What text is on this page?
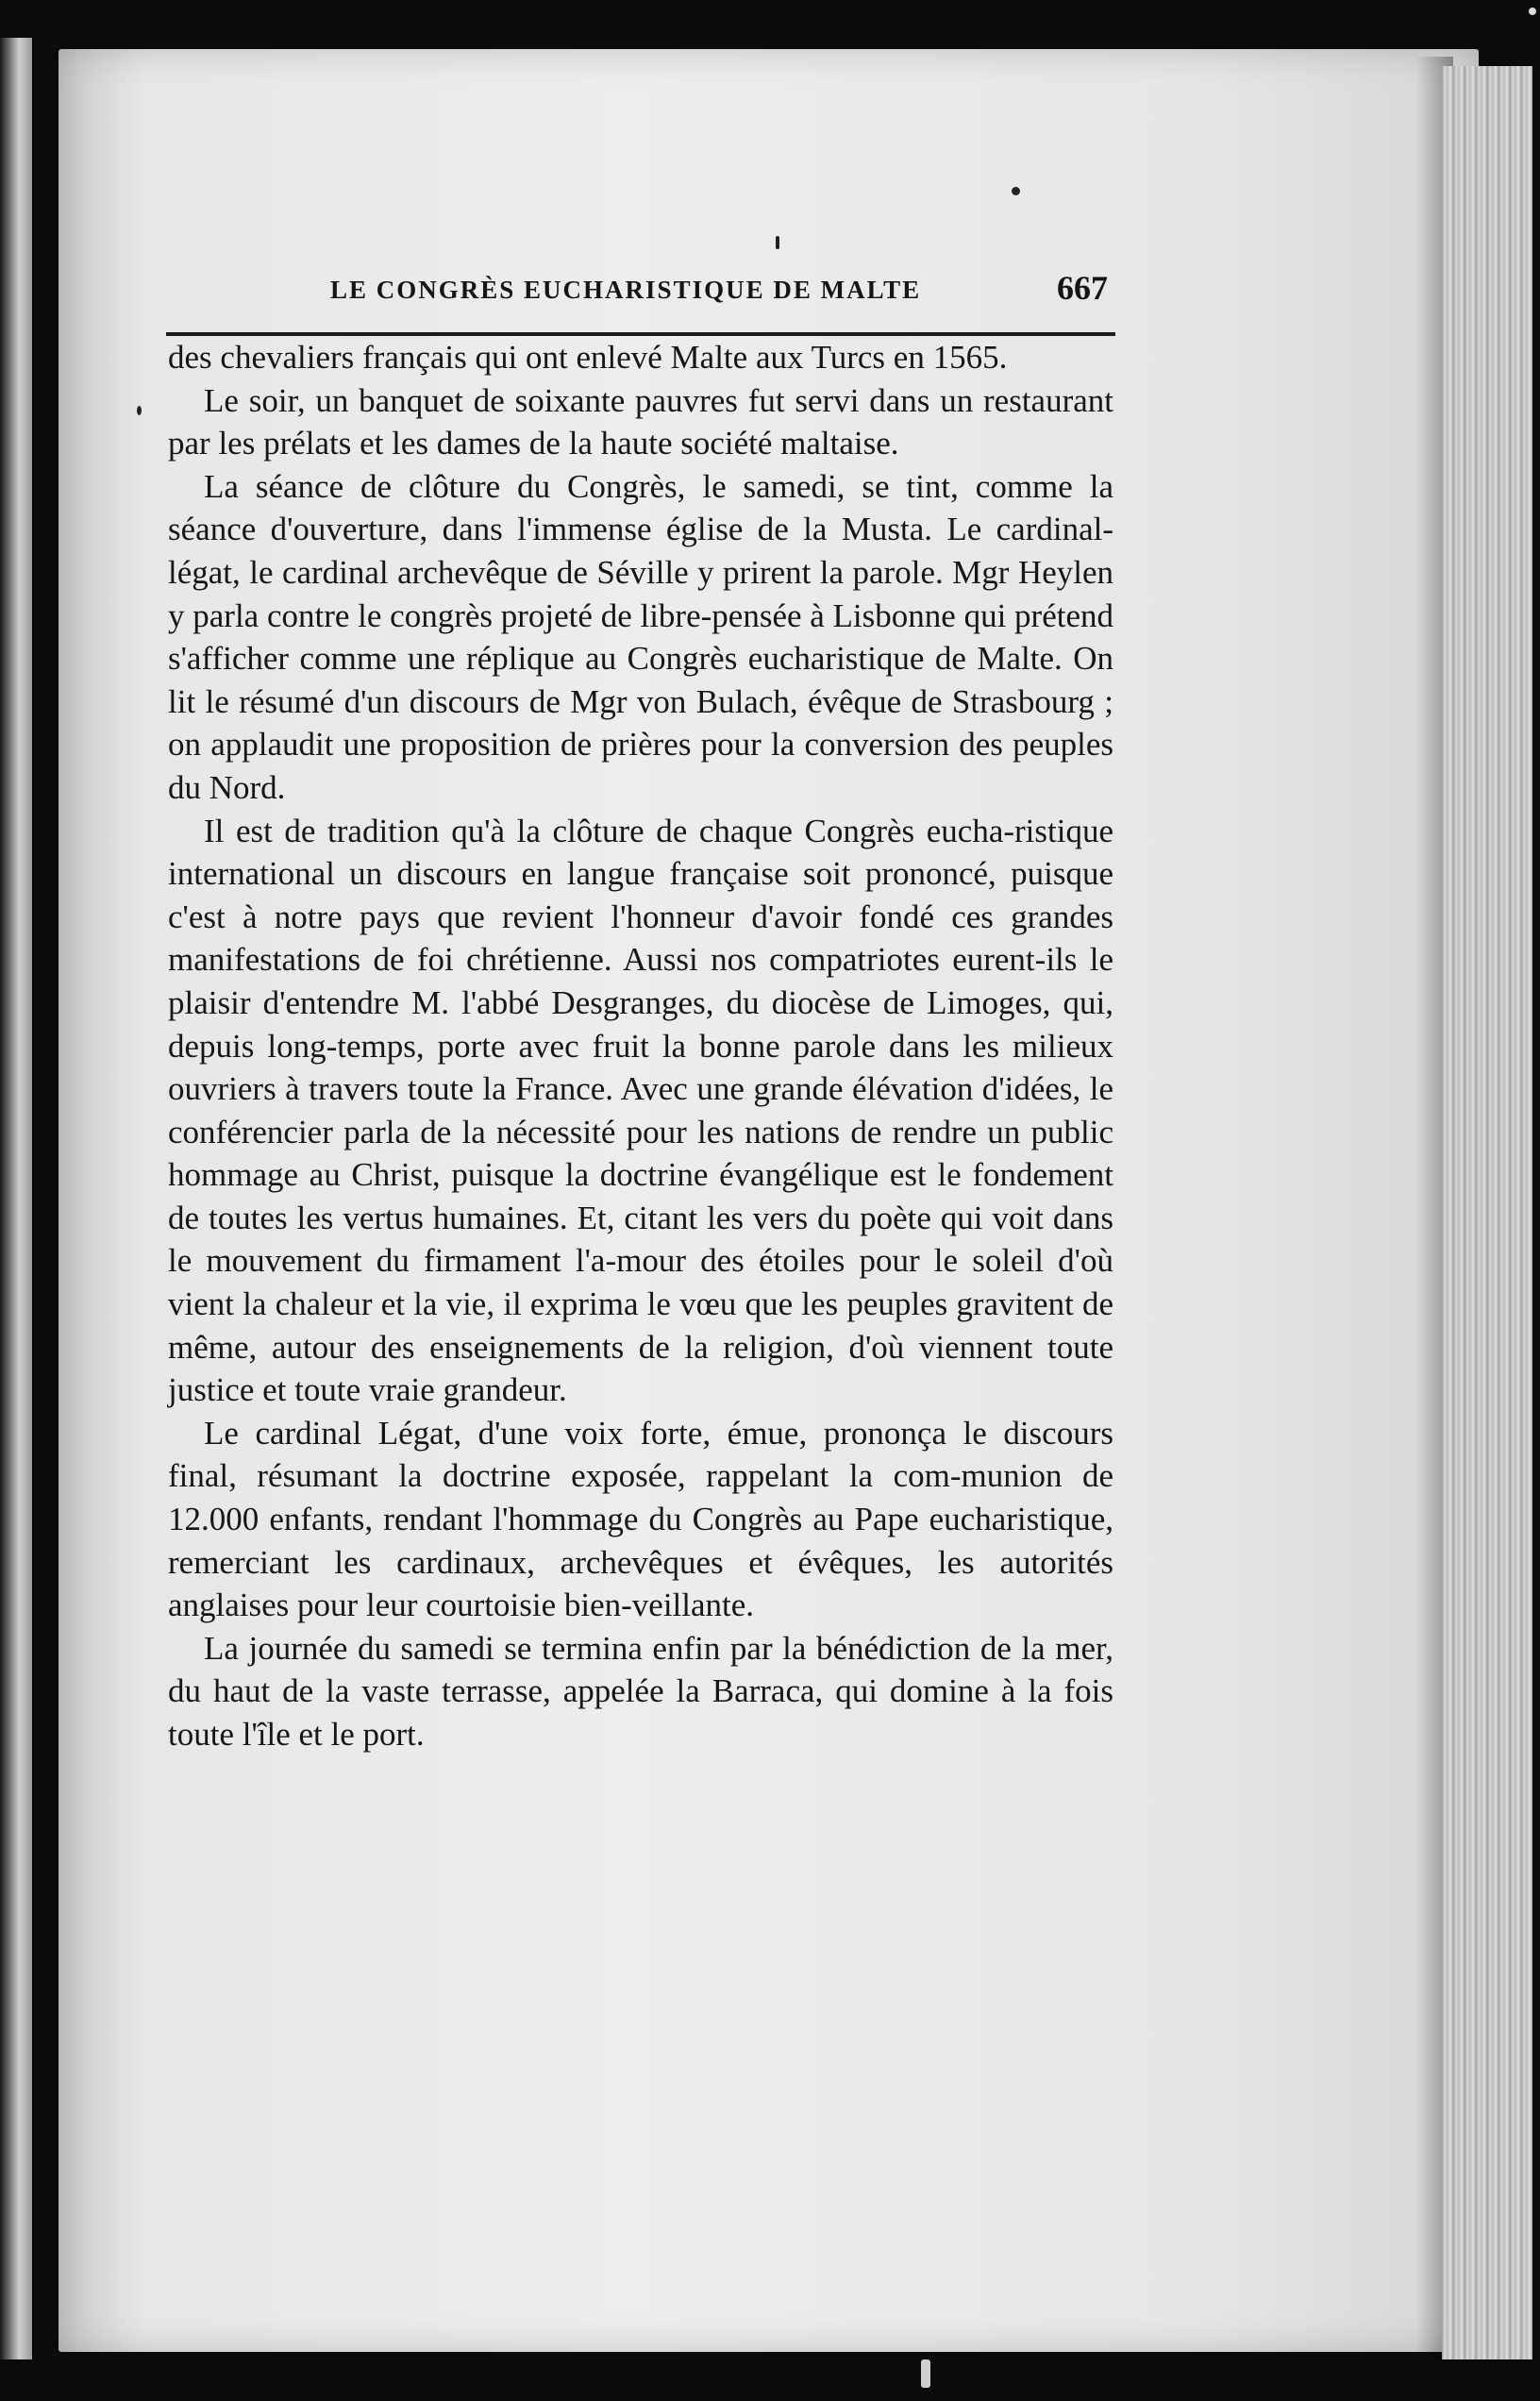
LE CONGRÈS EUCHARISTIQUE DE MALTE	667

des chevaliers français qui ont enlevé Malte aux Turcs en 1565.

Le soir, un banquet de soixante pauvres fut servi dans un restaurant par les prélats et les dames de la haute société maltaise.

La séance de clôture du Congrès, le samedi, se tint, comme la séance d'ouverture, dans l'immense église de la Musta. Le cardinal-légat, le cardinal archevêque de Séville y prirent la parole. Mgr Heylen y parla contre le congrès projeté de libre-pensée à Lisbonne qui prétend s'afficher comme une réplique au Congrès eucharistique de Malte. On lit le résumé d'un discours de Mgr von Bulach, évêque de Strasbourg ; on applaudit une proposition de prières pour la conversion des peuples du Nord.

Il est de tradition qu'à la clôture de chaque Congrès eucha-ristique international un discours en langue française soit prononcé, puisque c'est à notre pays que revient l'honneur d'avoir fondé ces grandes manifestations de foi chrétienne. Aussi nos compatriotes eurent-ils le plaisir d'entendre M. l'abbé Desgranges, du diocèse de Limoges, qui, depuis long-temps, porte avec fruit la bonne parole dans les milieux ouvriers à travers toute la France. Avec une grande élévation d'idées, le conférencier parla de la nécessité pour les nations de rendre un public hommage au Christ, puisque la doctrine évangélique est le fondement de toutes les vertus humaines. Et, citant les vers du poète qui voit dans le mouvement du firmament l'a-mour des étoiles pour le soleil d'où vient la chaleur et la vie, il exprima le vœu que les peuples gravitent de même, autour des enseignements de la religion, d'où viennent toute justice et toute vraie grandeur.

Le cardinal Légat, d'une voix forte, émue, prononça le discours final, résumant la doctrine exposée, rappelant la com-munion de 12.000 enfants, rendant l'hommage du Congrès au Pape eucharistique, remerciant les cardinaux, archevêques et évêques, les autorités anglaises pour leur courtoisie bien-veillante.

La journée du samedi se termina enfin par la bénédiction de la mer, du haut de la vaste terrasse, appelée la Barraca, qui domine à la fois toute l'île et le port.
